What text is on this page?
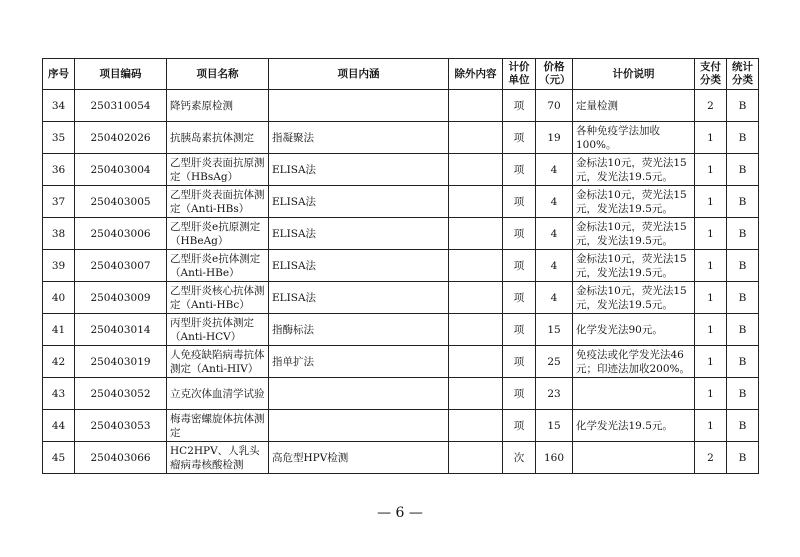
序号	项目编码	项目名称	项目内涵	除外内容	计价单位	价格（元）	计价说明	支付分类	统计分类
34	250310054	降钙素原检测			项	70	定量检测	2	B
35	250402026	抗胰岛素抗体测定	指凝聚法		项	19	各种免疫学法加收100%。	1	B
36	250403004	乙型肝炎表面抗原测定（HBsAg）	ELISA法		项	4	金标法10元，荧光法15元，发光法19.5元。	1	B
37	250403005	乙型肝炎表面抗体测定（Anti-HBs）	ELISA法		项	4	金标法10元，荧光法15元，发光法19.5元。	1	B
38	250403006	乙型肝炎e抗原测定（HBeAg）	ELISA法		项	4	金标法10元，荧光法15元，发光法19.5元。	1	B
39	250403007	乙型肝炎e抗体测定（Anti-HBe）	ELISA法		项	4	金标法10元，荧光法15元，发光法19.5元。	1	B
40	250403009	乙型肝炎核心抗体测定（Anti-HBc）	ELISA法		项	4	金标法10元，荧光法15元，发光法19.5元。	1	B
41	250403014	丙型肝炎抗体测定（Anti-HCV）	指酶标法		项	15	化学发光法90元。	1	B
42	250403019	人免疫缺陷病毒抗体测定（Anti-HIV）	指单扩法		项	25	免疫法或化学发光法46元；印迹法加收200%。	1	B
43	250403052	立克次体血清学试验			项	23		1	B
44	250403053	梅毒密螺旋体抗体测定			项	15	化学发光法19.5元。	1	B
45	250403066	HC2HPV、人乳头瘤病毒核酸检测	高危型HPV检测		次	160		2	B
— 6 —
